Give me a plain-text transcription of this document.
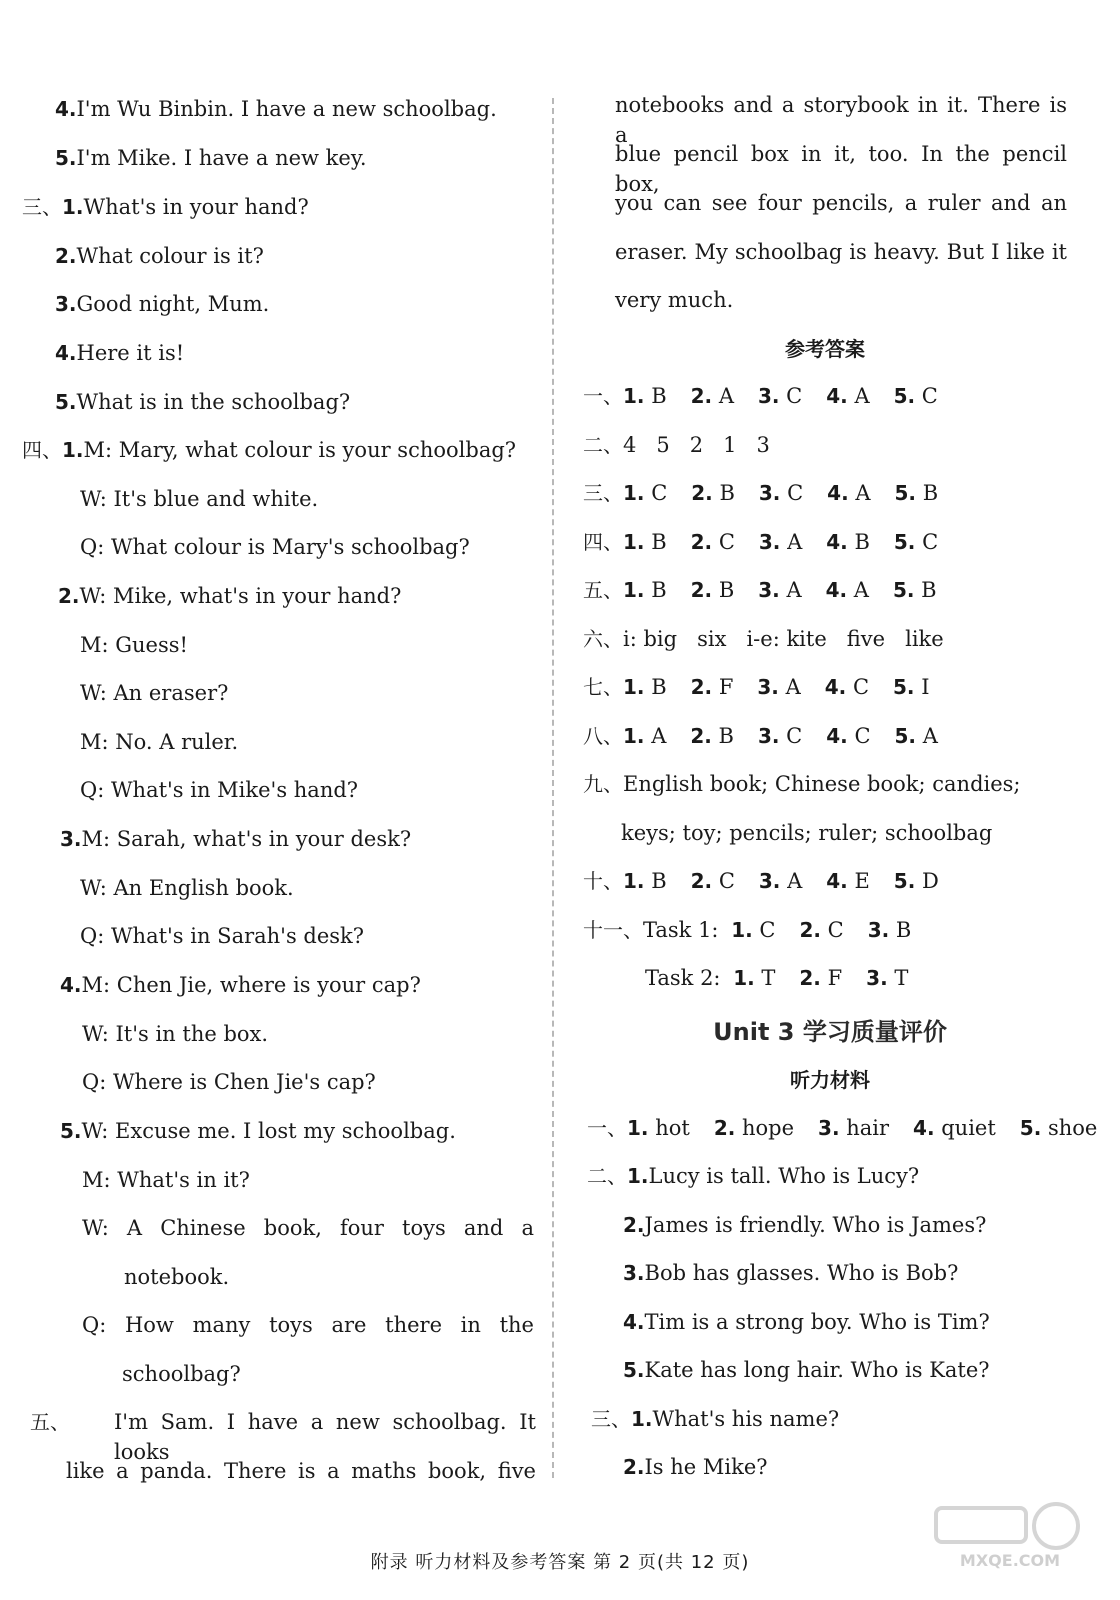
4.I'm Wu Binbin. I have a new schoolbag.
5.I'm Mike. I have a new key.
三、1.What's in your hand?
2.What colour is it?
3.Good night, Mum.
4.Here it is!
5.What is in the schoolbag?
四、1.M: Mary, what colour is your schoolbag?
W: It's blue and white.
Q: What colour is Mary's schoolbag?
2.W: Mike, what's in your hand?
M: Guess!
W: An eraser?
M: No. A ruler.
Q: What's in Mike's hand?
3.M: Sarah, what's in your desk?
W: An English book.
Q: What's in Sarah's desk?
4.M: Chen Jie, where is your cap?
W: It's in the box.
Q: Where is Chen Jie's cap?
5.W: Excuse me. I lost my schoolbag.
M: What's in it?
W: A Chinese book, four toys and a
notebook.
Q: How many toys are there in the
schoolbag?
五、 I'm Sam. I have a new schoolbag. It looks
like a panda. There is a maths book, five
notebooks and a storybook in it. There is a
blue pencil box in it, too. In the pencil box,
you can see four pencils, a ruler and an
eraser. My schoolbag is heavy. But I like it
very much.
参考答案
一、1. B 2. A 3. C 4. A 5. C
二、4   5   2   1   3
三、1. C 2. B 3. C 4. A 5. B
四、1. B 2. C 3. A 4. B 5. C
五、1. B 2. B 3. A 4. A 5. B
六、i: big   six   i-e: kite   five   like
七、1. B 2. F 3. A 4. C 5. I
八、1. A 2. B 3. C 4. C 5. A
九、English book; Chinese book; candies;
keys; toy; pencils; ruler; schoolbag
十、1. B 2. C 3. A 4. E 5. D
十一、Task 1: 1. C 2. C 3. B
Task 2: 1. T 2. F 3. T
Unit 3 学习质量评价
听力材料
一、1. hot 2. hope 3. hair 4. quiet 5. shoe
二、1.Lucy is tall. Who is Lucy?
2.James is friendly. Who is James?
3.Bob has glasses. Who is Bob?
4.Tim is a strong boy. Who is Tim?
5.Kate has long hair. Who is Kate?
三、1.What's his name?
2.Is he Mike?
附录 听力材料及参考答案 第 2 页(共 12 页)	MXQE.COM
